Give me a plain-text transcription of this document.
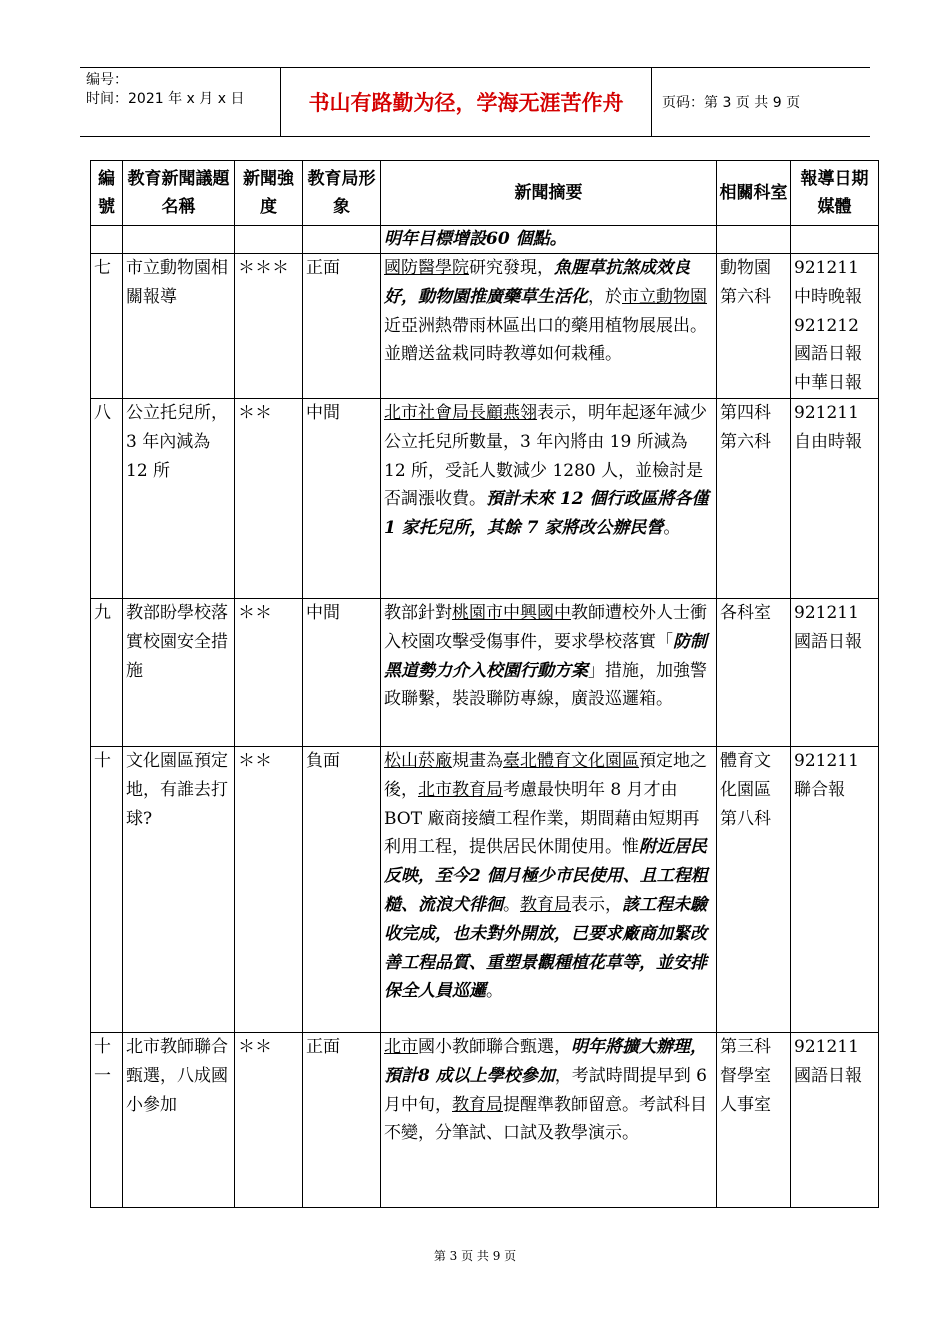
编号：
时间：2021 年 x 月 x 日	书山有路勤为径，学海无涯苦作舟	页码：第 3 页 共 9 页
編號	教育新聞議題名稱	新聞強度	教育局形象	新聞摘要	相關科室	報導日期媒體
				明年目標增設60 個點。		
七	市立動物園相關報導	＊＊＊	正面	國防醫學院研究發現，魚腥草抗煞成效良好，動物園推廣藥草生活化，於市立動物園近亞洲熱帶雨林區出口的藥用植物展展出。並贈送盆栽同時教導如何栽種。	動物園第六科	921211 中時晚報 921212 國語日報 中華日報
八	公立托兒所，3 年內減為 12 所	＊＊	中間	北市社會局長顧燕翎表示，明年起逐年減少公立托兒所數量，3 年內將由 19 所減為 12 所，受託人數減少 1280 人，並檢討是否調漲收費。預計未來 12 個行政區將各僅1 家托兒所，其餘 7 家將改公辦民營。	第四科第六科	921211 自由時報
九	教部盼學校落實校園安全措施	＊＊	中間	教部針對桃園市中興國中教師遭校外人士衝入校園攻擊受傷事件，要求學校落實「防制黑道勢力介入校園行動方案」措施，加強警政聯繫，裝設聯防專線，廣設巡邏箱。	各科室	921211 國語日報
十	文化園區預定地，有誰去打球?	＊＊	負面	松山菸廠規畫為臺北體育文化園區預定地之後，北市教育局考慮最快明年 8 月才由 BOT 廠商接續工程作業，期間藉由短期再利用工程，提供居民休閒使用。惟附近居民反映，至今2 個月極少市民使用、且工程粗糙、流浪犬徘徊。教育局表示，該工程未驗收完成，也未對外開放，已要求廠商加緊改善工程品質、重塑景觀種植花草等，並安排保全人員巡邏。	體育文化園區第八科	921211 聯合報
十一	北市教師聯合甄選，八成國小參加	＊＊	正面	北市國小教師聯合甄選，明年將擴大辦理，預計8 成以上學校參加，考試時間提早到 6 月中旬，教育局提醒準教師留意。考試科目不變，分筆試、口試及教學演示。	第三科督學室人事室	921211 國語日報
第 3 页 共 9 页
